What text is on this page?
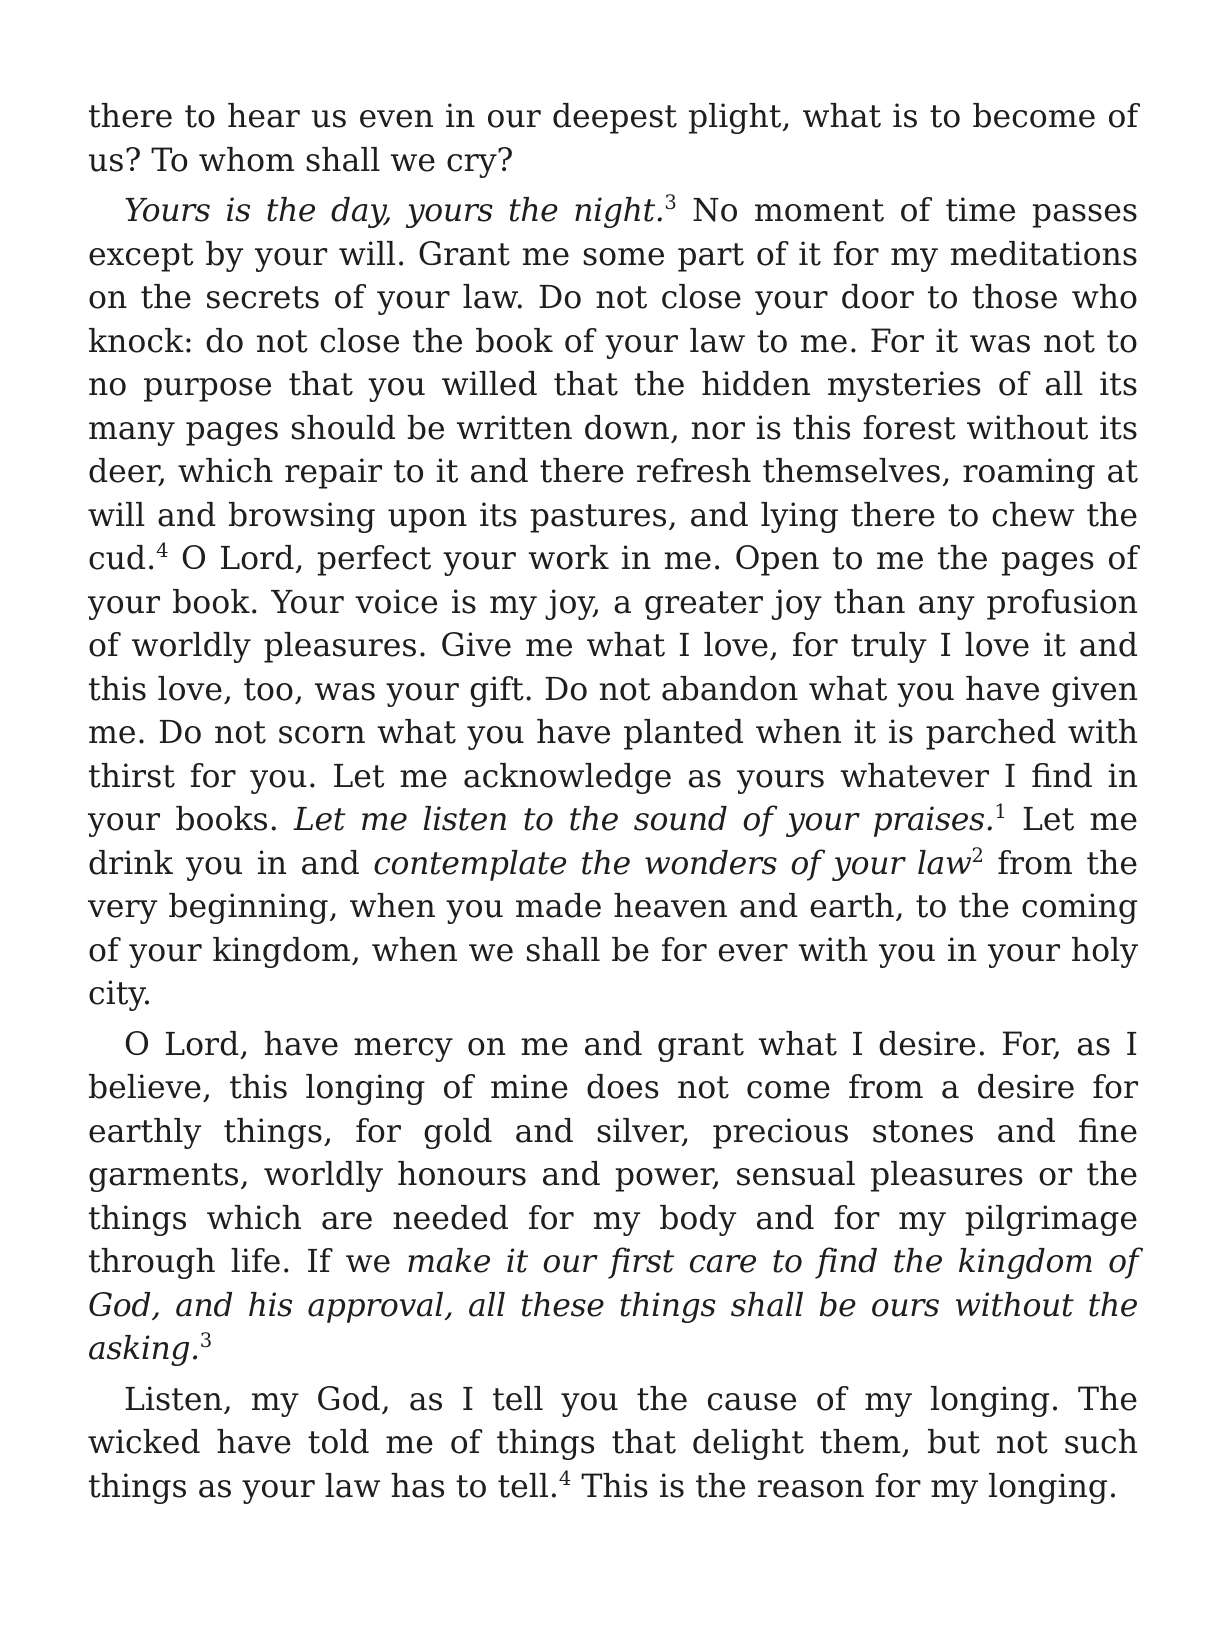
there to hear us even in our deepest plight, what is to become of us? To whom shall we cry?

Yours is the day, yours the night.$^3$ No moment of time passes except by your will. Grant me some part of it for my meditations on the secrets of your law. Do not close your door to those who knock: do not close the book of your law to me. For it was not to no purpose that you willed that the hidden mysteries of all its many pages should be written down, nor is this forest without its deer, which repair to it and there refresh themselves, roaming at will and browsing upon its pastures, and lying there to chew the cud.$^4$ O Lord, perfect your work in me. Open to me the pages of your book. Your voice is my joy, a greater joy than any profusion of worldly pleasures. Give me what I love, for truly I love it and this love, too, was your gift. Do not abandon what you have given me. Do not scorn what you have planted when it is parched with thirst for you. Let me acknowledge as yours whatever I find in your books. Let me listen to the sound of your praises.$^1$ Let me drink you in and contemplate the wonders of your law$^2$ from the very beginning, when you made heaven and earth, to the coming of your kingdom, when we shall be for ever with you in your holy city.

O Lord, have mercy on me and grant what I desire. For, as I believe, this longing of mine does not come from a desire for earthly things, for gold and silver, precious stones and fine garments, worldly honours and power, sensual pleasures or the things which are needed for my body and for my pilgrimage through life. If we make it our first care to find the kingdom of God, and his approval, all these things shall be ours without the asking.$^3$

Listen, my God, as I tell you the cause of my longing. The wicked have told me of things that delight them, but not such things as your law has to tell.$^4$ This is the reason for my longing.
